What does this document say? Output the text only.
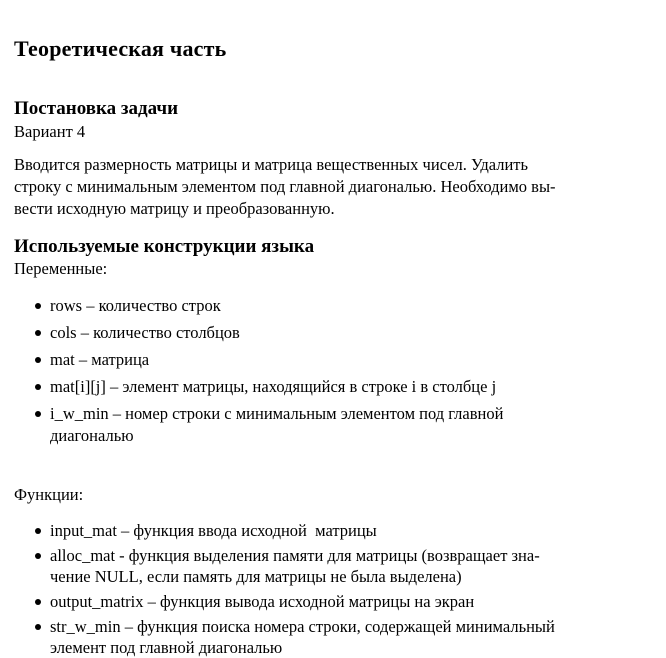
Теоретическая часть
Постановка задачи
Вариант 4
Вводится размерность матрицы и матрица вещественных чисел. Удалить
строку с минимальным элементом под главной диагональю. Необходимо вы-
вести исходную матрицу и преобразованную.
Используемые конструкции языка
Переменные:
rows – количество строк
cols – количество столбцов
mat – матрица
mat[i][j] – элемент матрицы, находящийся в строке i в столбце j
i_w_min – номер строки с минимальным элементом под главной
диагональю
Функции:
input_mat – функция ввода исходной  матрицы
alloc_mat - функция выделения памяти для матрицы (возвращает зна-
чение NULL, если память для матрицы не была выделена)
output_matrix – функция вывода исходной матрицы на экран
str_w_min – функция поиска номера строки, содержащей минимальный
элемент под главной диагональю
